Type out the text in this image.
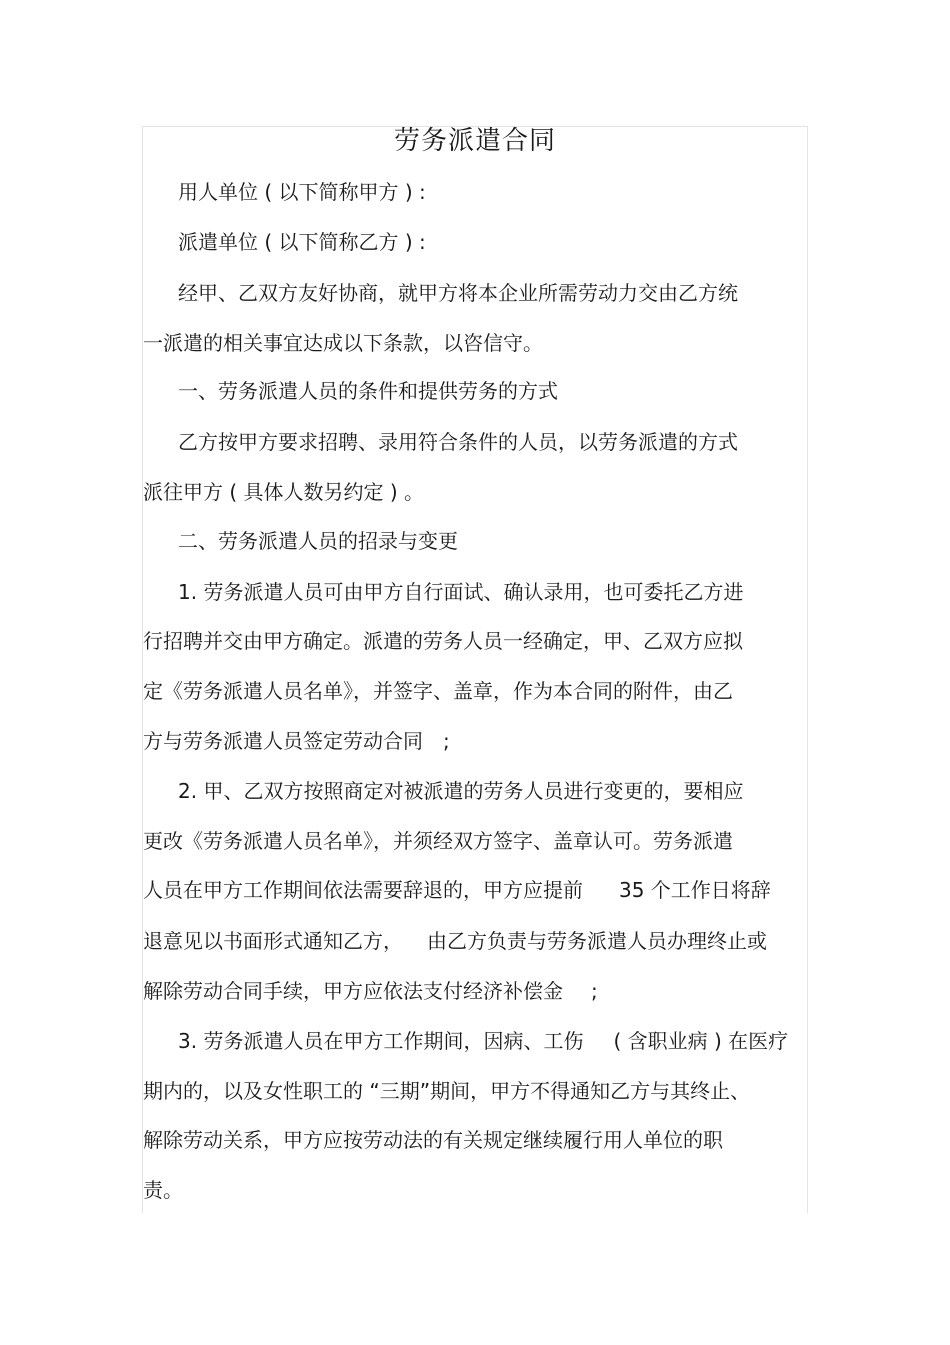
劳务派遣合同
用人单位 ( 以下简称甲方 ) :
派遣单位 ( 以下简称乙方 ) :
经甲、乙双方友好协商，就甲方将本企业所需劳动力交由乙方统
一派遣的相关事宜达成以下条款，以咨信守。
一、劳务派遣人员的条件和提供劳务的方式
乙方按甲方要求招聘、录用符合条件的人员，以劳务派遣的方式
派往甲方 ( 具体人数另约定 ) 。
二、劳务派遣人员的招录与变更
1. 劳务派遣人员可由甲方自行面试、确认录用，也可委托乙方进
行招聘并交由甲方确定。派遣的劳务人员一经确定，甲、乙双方应拟
定《劳务派遣人员名单》，并签字、盖章，作为本合同的附件，由乙
方与劳务派遣人员签定劳动合同 ;
2. 甲、乙双方按照商定对被派遣的劳务人员进行变更的，要相应
更改《劳务派遣人员名单》，并须经双方签字、盖章认可。劳务派遣
人员在甲方工作期间依法需要辞退的，甲方应提前 35 个工作日将辞
退意见以书面形式通知乙方， 由乙方负责与劳务派遣人员办理终止或
解除劳动合同手续，甲方应依法支付经济补偿金 ;
3. 劳务派遣人员在甲方工作期间，因病、工伤 ( 含职业病 ) 在医疗
期内的，以及女性职工的 “三期”期间，甲方不得通知乙方与其终止、
解除劳动关系，甲方应按劳动法的有关规定继续履行用人单位的职
责。
